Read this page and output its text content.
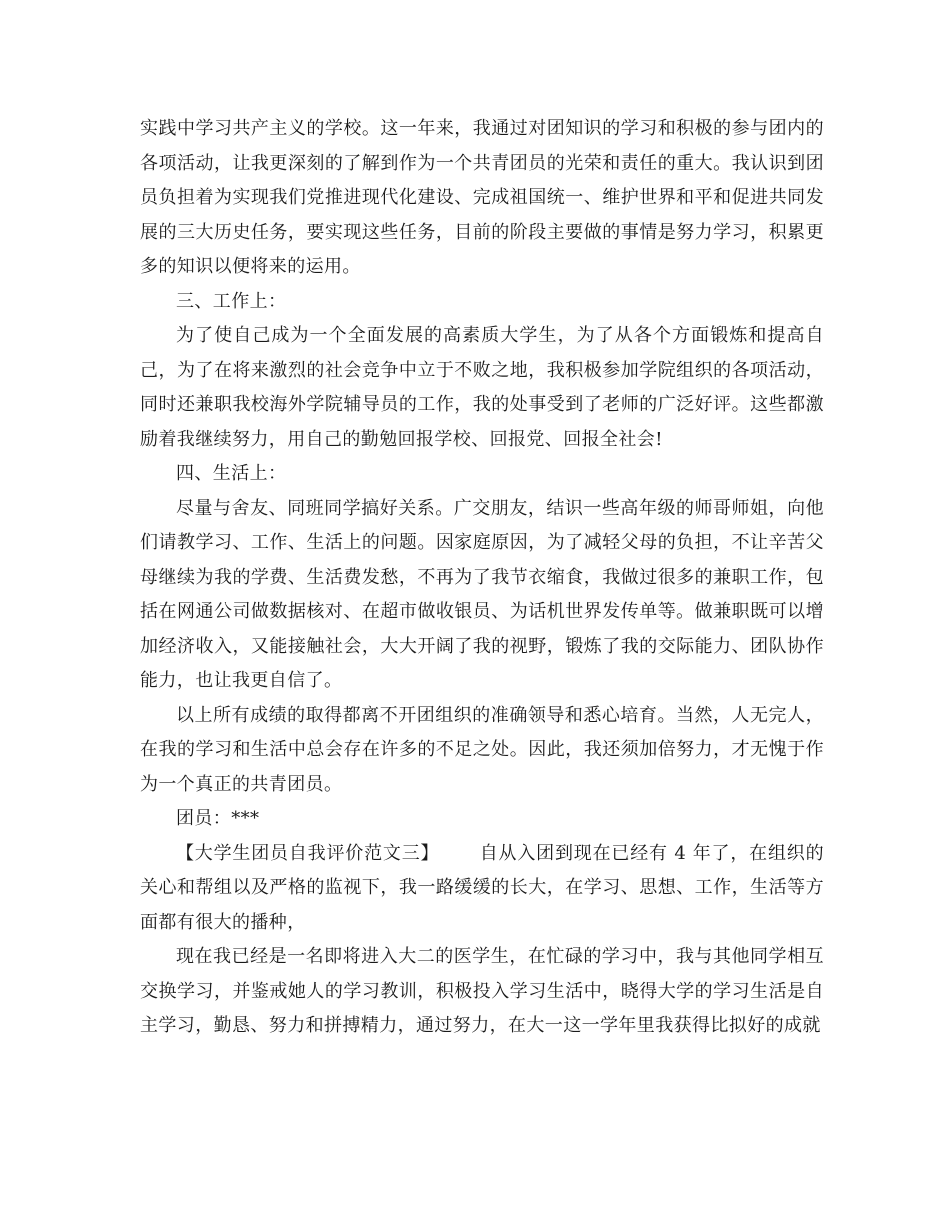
实践中学习共产主义的学校。这一年来，我通过对团知识的学习和积极的参与团内的各项活动，让我更深刻的了解到作为一个共青团员的光荣和责任的重大。我认识到团员负担着为实现我们党推进现代化建设、完成祖国统一、维护世界和平和促进共同发展的三大历史任务，要实现这些任务，目前的阶段主要做的事情是努力学习，积累更多的知识以便将来的运用。

三、工作上：

为了使自己成为一个全面发展的高素质大学生，为了从各个方面锻炼和提高自己，为了在将来激烈的社会竞争中立于不败之地，我积极参加学院组织的各项活动，同时还兼职我校海外学院辅导员的工作，我的处事受到了老师的广泛好评。这些都激励着我继续努力，用自己的勤勉回报学校、回报党、回报全社会!

四、生活上：

尽量与舍友、同班同学搞好关系。广交朋友，结识一些高年级的师哥师姐，向他们请教学习、工作、生活上的问题。因家庭原因，为了减轻父母的负担，不让辛苦父母继续为我的学费、生活费发愁，不再为了我节衣缩食，我做过很多的兼职工作，包括在网通公司做数据核对、在超市做收银员、为话机世界发传单等。做兼职既可以增加经济收入，又能接触社会，大大开阔了我的视野，锻炼了我的交际能力、团队协作能力，也让我更自信了。

以上所有成绩的取得都离不开团组织的准确领导和悉心培育。当然，人无完人，在我的学习和生活中总会存在许多的不足之处。因此，我还须加倍努力，才无愧于作为一个真正的共青团员。

团员：***

【大学生团员自我评价范文三】 自从入团到现在已经有 4 年了，在组织的关心和帮组以及严格的监视下，我一路缓缓的长大，在学习、思想、工作，生活等方面都有很大的播种，

现在我已经是一名即将进入大二的医学生，在忙碌的学习中，我与其他同学相互交换学习，并鉴戒她人的学习教训，积极投入学习生活中，晓得大学的学习生活是自主学习，勤恳、努力和拼搏精力，通过努力，在大一这一学年里我获得比拟好的成就
